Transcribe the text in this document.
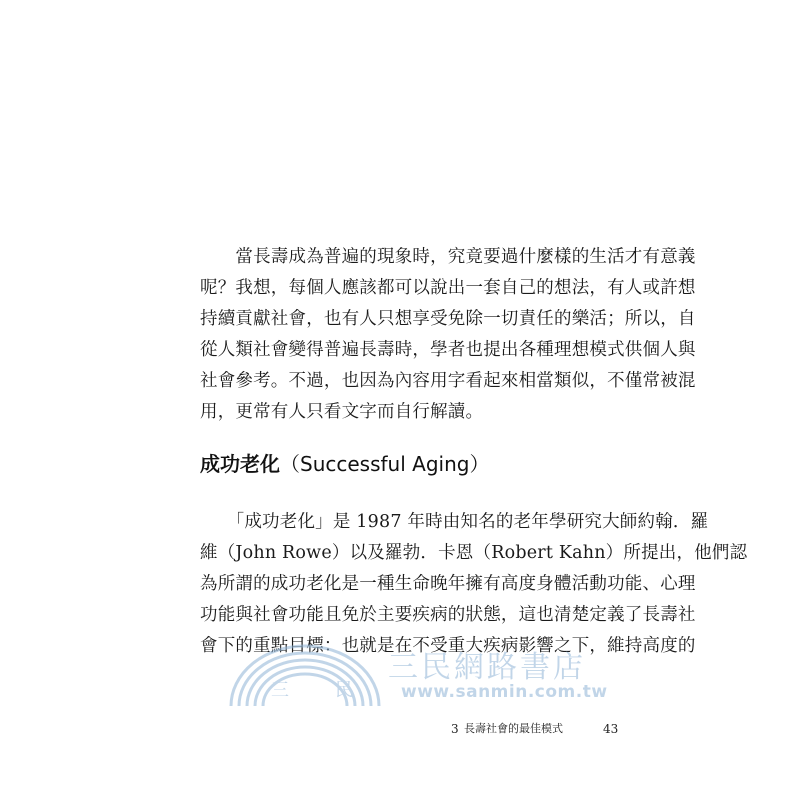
　　當長壽成為普遍的現象時，究竟要過什麼樣的生活才有意義
呢？我想，每個人應該都可以說出一套自己的想法，有人或許想
持續貢獻社會，也有人只想享受免除一切責任的樂活；所以，自
從人類社會變得普遍長壽時，學者也提出各種理想模式供個人與
社會參考。不過，也因為內容用字看起來相當類似，不僅常被混
用，更常有人只看文字而自行解讀。

成功老化（Successful Aging）

　　「成功老化」是 1987 年時由知名的老年學研究大師約翰．羅
維（John Rowe）以及羅勃．卡恩（Robert Kahn）所提出，他們認
為所謂的成功老化是一種生命晚年擁有高度身體活動功能、心理
功能與社會功能且免於主要疾病的狀態，這也清楚定義了長壽社
會下的重點目標：也就是在不受重大疾病影響之下，維持高度的

三	民
三民網路書店
www.sanmin.com.tw
3 長壽社會的最佳模式	43
